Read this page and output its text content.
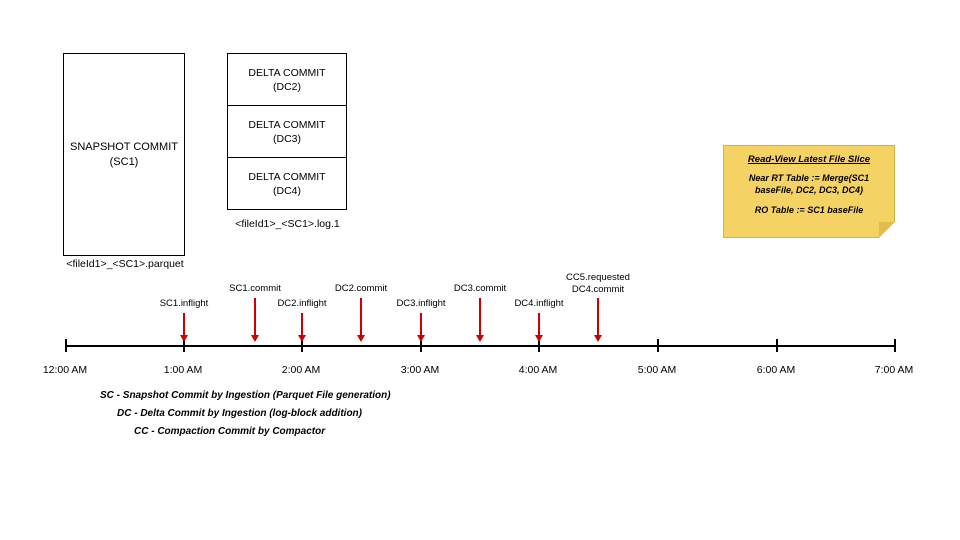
SNAPSHOT COMMIT (SC1)
<fileId1>_<SC1>.parquet
DELTA COMMIT
(DC2)
DELTA COMMIT
(DC3)
DELTA COMMIT
(DC4)
<fileId1>_<SC1>.log.1
Read-View Latest File Slice
Near RT Table := Merge(SC1 baseFile, DC2, DC3, DC4)
RO Table := SC1 baseFile
12:00 AM	1:00 AM	2:00 AM	3:00 AM	4:00 AM	5:00 AM	6:00 AM	7:00 AM
SC1.inflight
SC1.commit
DC2.inflight
DC2.commit
DC3.inflight
DC3.commit
DC4.inflight
CC5.requested
DC4.commit
SC - Snapshot Commit by Ingestion (Parquet File generation)
DC - Delta Commit by Ingestion (log-block addition)
CC - Compaction Commit by Compactor
